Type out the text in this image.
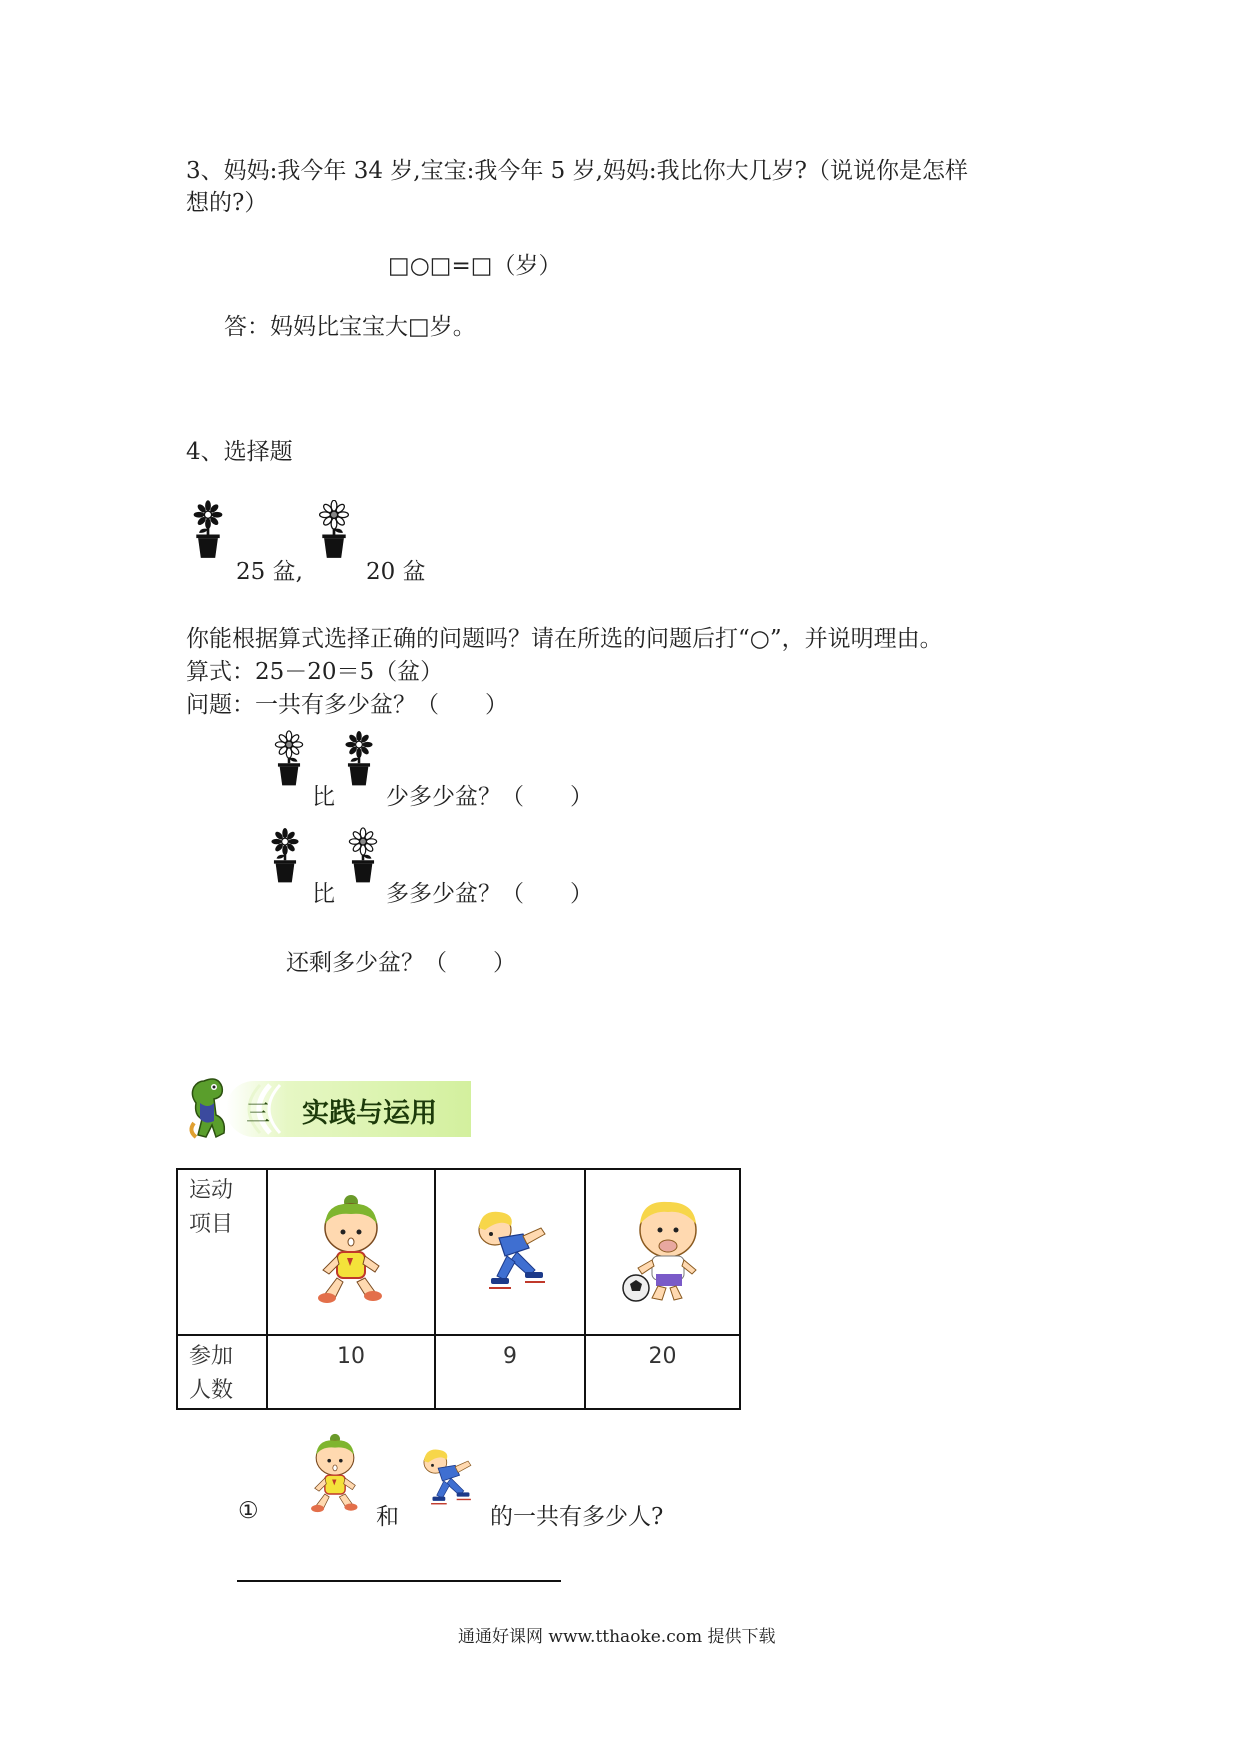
3、妈妈:我今年 34 岁,宝宝:我今年 5 岁,妈妈:我比你大几岁?（说说你是怎样
想的?）
□○□=□（岁）
答：妈妈比宝宝大□岁。
4、选择题
25 盆,	20 盆
你能根据算式选择正确的问题吗？请在所选的问题后打“○”，并说明理由。
算式：25－20＝5（盆）
问题：一共有多少盆？（　　）
比 少多少盆？（　　）
比 多多少盆？（　　）
还剩多少盆？（　　）
三 实践与运用
运动
项目

参加
人数	10	9	20
①	和	的一共有多少人?
通通好课网 www.tthaoke.com 提供下载
